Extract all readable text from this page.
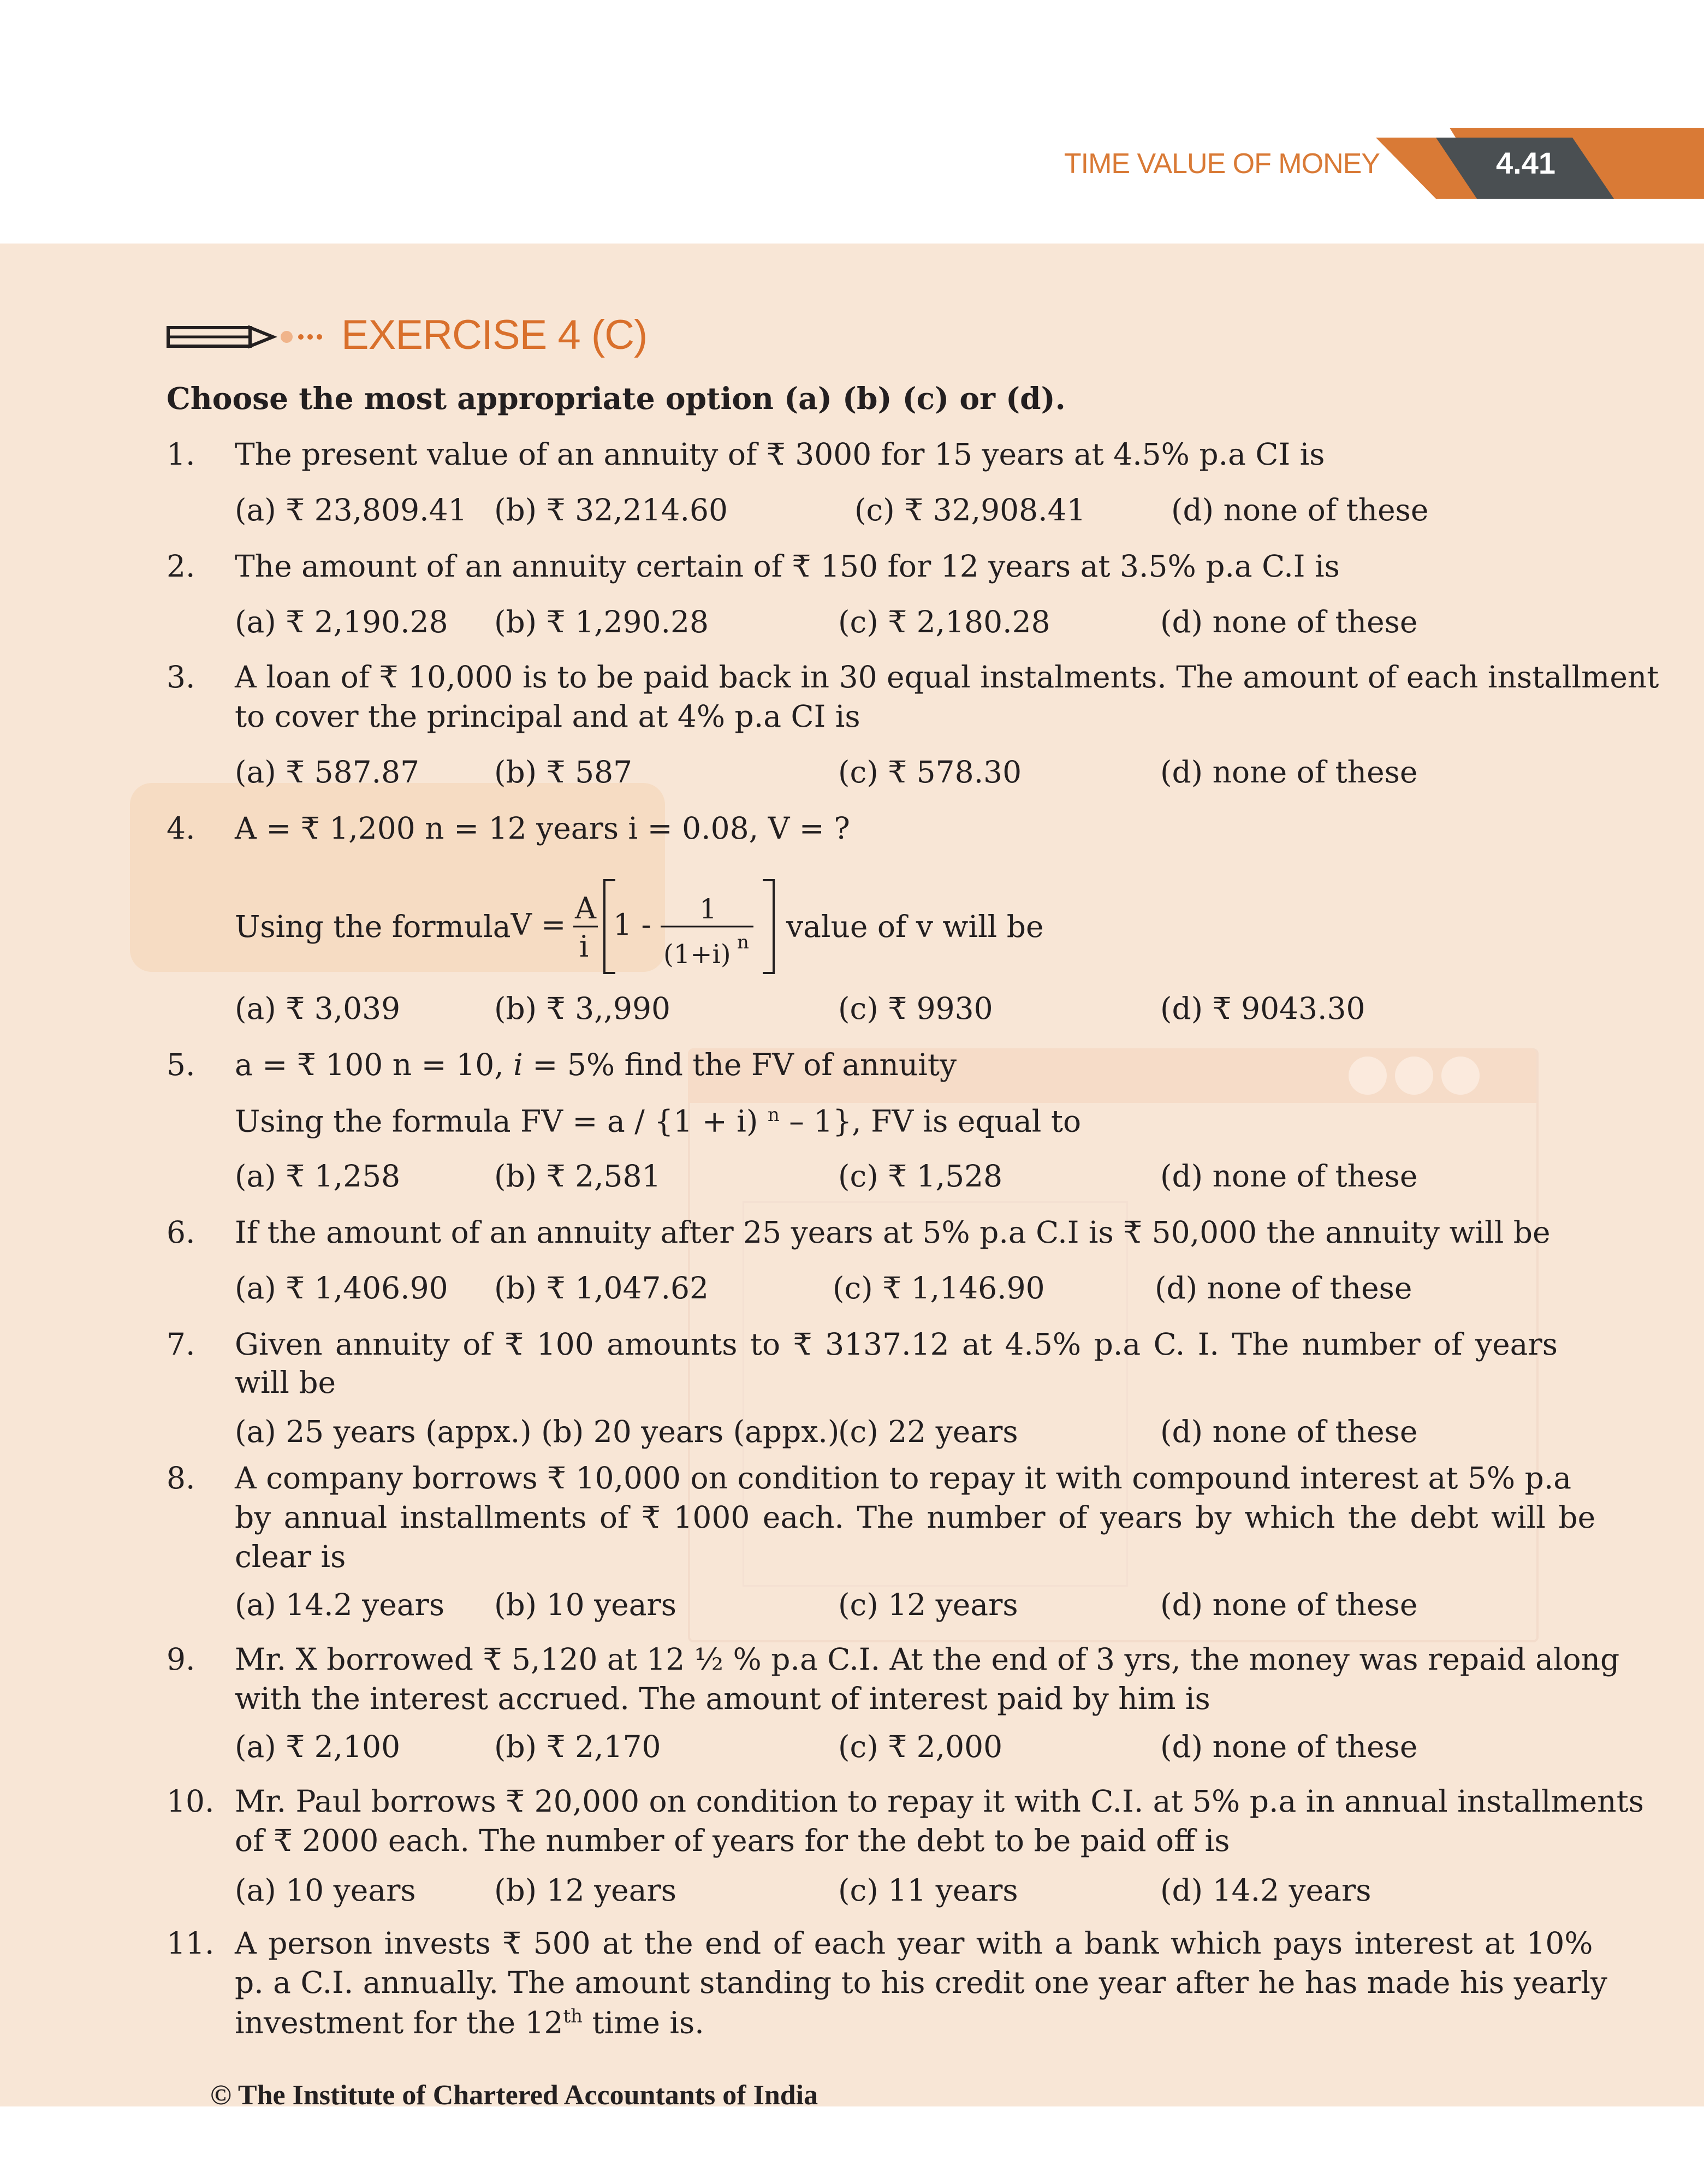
TIME VALUE OF MONEY	4.41
EXERCISE 4 (C)
Choose the most appropriate option (a) (b) (c) or (d).
1. The present value of an annuity of ₹ 3000 for 15 years at 4.5% p.a CI is
(a) ₹ 23,809.41 (b) ₹ 32,214.60	(c) ₹ 32,908.41	(d) none of these
2. The amount of an annuity certain of ₹ 150 for 12 years at 3.5% p.a C.I is
(a) ₹ 2,190.28 (b) ₹ 1,290.28	(c) ₹ 2,180.28	(d) none of these
3. A loan of ₹ 10,000 is to be paid back in 30 equal instalments. The amount of each installment
to cover the principal and at 4% p.a CI is
(a) ₹ 587.87 (b) ₹ 587	(c) ₹ 578.30	(d) none of these
4. A = ₹ 1,200 n = 12 years i = 0.08, V = ?
Using the formula V = A
i
1 - 1
(1+i) n value of v will be
(a) ₹ 3,039	(b) ₹ 3,,990	(c) ₹ 9930	(d) ₹ 9043.30
5. a = ₹ 100 n = 10, i = 5% find the FV of annuity
Using the formula FV = a / {1 + i) $^n$ – 1}, FV is equal to
(a) ₹ 1,258	(b) ₹ 2,581	(c) ₹ 1,528	(d) none of these
6. If the amount of an annuity after 25 years at 5% p.a C.I is ₹ 50,000 the annuity will be
(a) ₹ 1,406.90 (b) ₹ 1,047.62	(c) ₹ 1,146.90	(d) none of these
7. Given annuity of ₹ 100 amounts to ₹ 3137.12 at 4.5% p.a C. I. The number of years
will be
(a) 25 years (appx.) (b) 20 years (appx.)
(c) 22 years	(d) none of these
8. A company borrows ₹ 10,000 on condition to repay it with compound interest at 5% p.a
by annual installments of ₹ 1000 each. The number of years by which the debt will be
clear is
(a) 14.2 years (b) 10 years	(c) 12 years	(d) none of these
9. Mr. X borrowed ₹ 5,120 at 12 ½ % p.a C.I. At the end of 3 yrs, the money was repaid along
with the interest accrued. The amount of interest paid by him is
(a) ₹ 2,100	(b) ₹ 2,170	(c) ₹ 2,000	(d) none of these
10. Mr. Paul borrows ₹ 20,000 on condition to repay it with C.I. at 5% p.a in annual installments
of ₹ 2000 each. The number of years for the debt to be paid off is
(a) 10 years	(b) 12 years	(c) 11 years	(d) 14.2 years
11. A person invests ₹ 500 at the end of each year with a bank which pays interest at 10%
p. a C.I. annually. The amount standing to his credit one year after he has made his yearly
investment for the 12th time is.
© The Institute of Chartered Accountants of India
